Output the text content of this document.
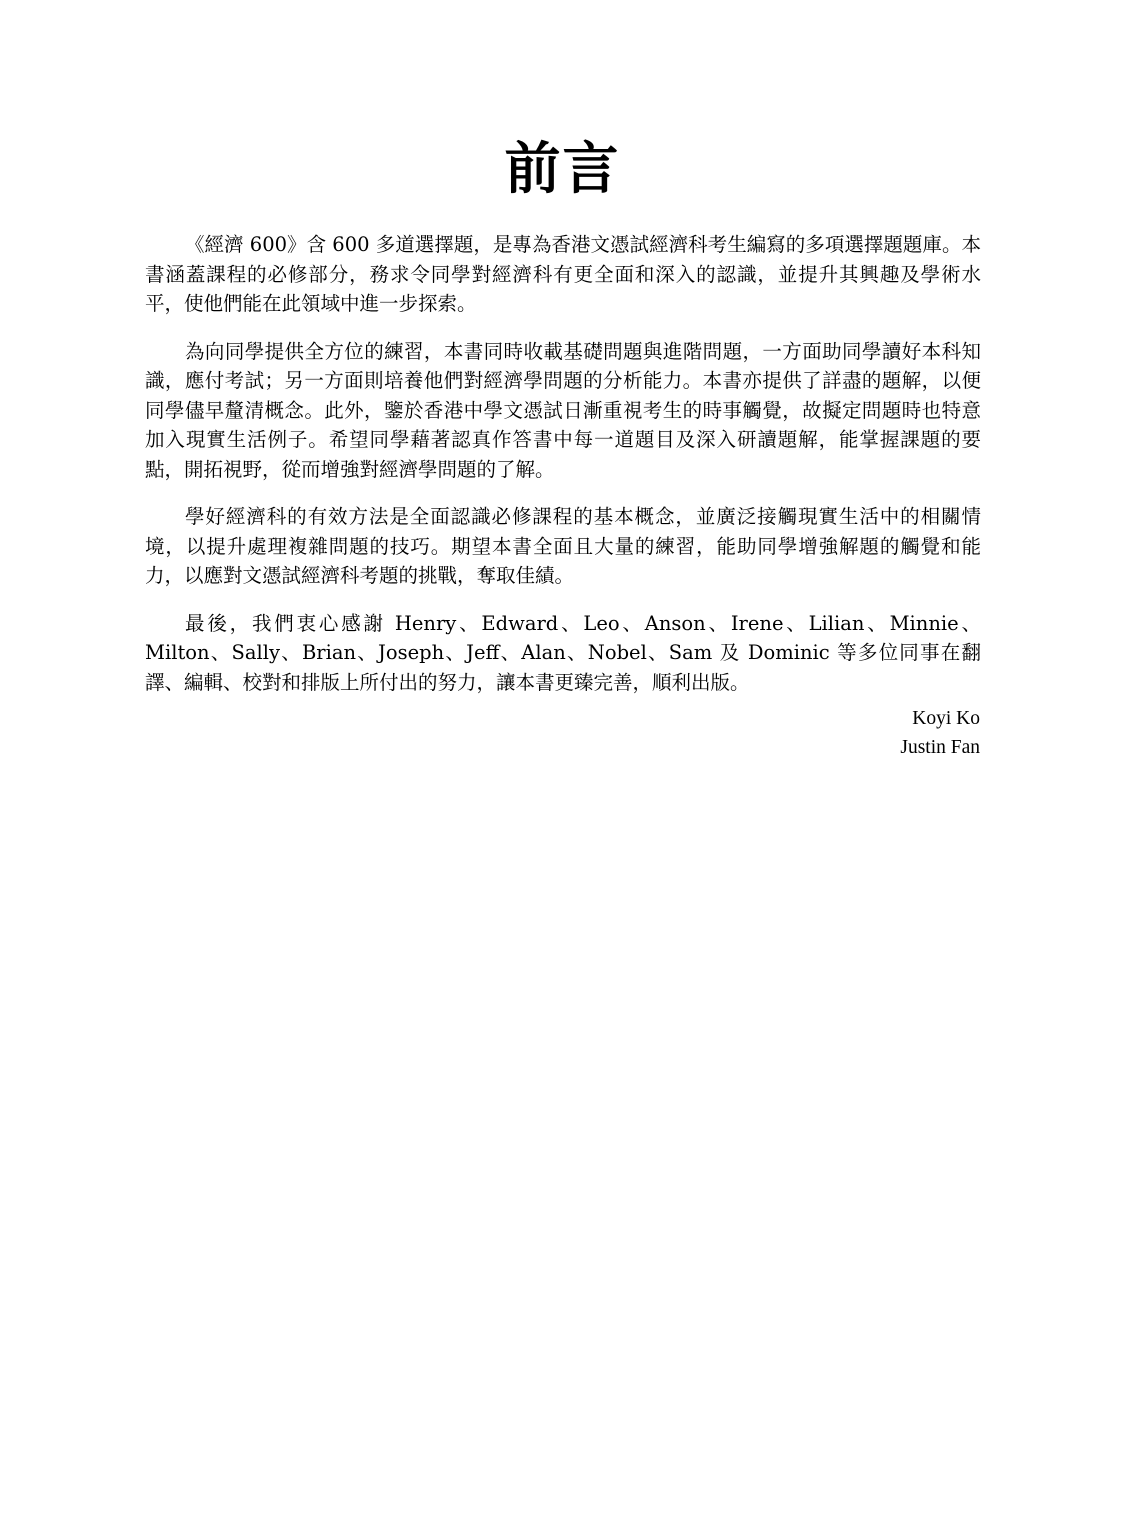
前言

《經濟 600》含 600 多道選擇題，是專為香港文憑試經濟科考生編寫的多項選擇題題庫。本書涵蓋課程的必修部分，務求令同學對經濟科有更全面和深入的認識，並提升其興趣及學術水平，使他們能在此領域中進一步探索。

為向同學提供全方位的練習，本書同時收載基礎問題與進階問題，一方面助同學讀好本科知識，應付考試；另一方面則培養他們對經濟學問題的分析能力。本書亦提供了詳盡的題解，以便同學儘早釐清概念。此外，鑒於香港中學文憑試日漸重視考生的時事觸覺，故擬定問題時也特意加入現實生活例子。希望同學藉著認真作答書中每一道題目及深入研讀題解，能掌握課題的要點，開拓視野，從而增強對經濟學問題的了解。

學好經濟科的有效方法是全面認識必修課程的基本概念，並廣泛接觸現實生活中的相關情境，以提升處理複雜問題的技巧。期望本書全面且大量的練習，能助同學增強解題的觸覺和能力，以應對文憑試經濟科考題的挑戰，奪取佳績。

最後，我們衷心感謝 Henry、Edward、Leo、Anson、Irene、Lilian、Minnie、Milton、Sally、Brian、Joseph、Jeff、Alan、Nobel、Sam 及 Dominic 等多位同事在翻譯、編輯、校對和排版上所付出的努力，讓本書更臻完善，順利出版。

Koyi Ko
Justin Fan
